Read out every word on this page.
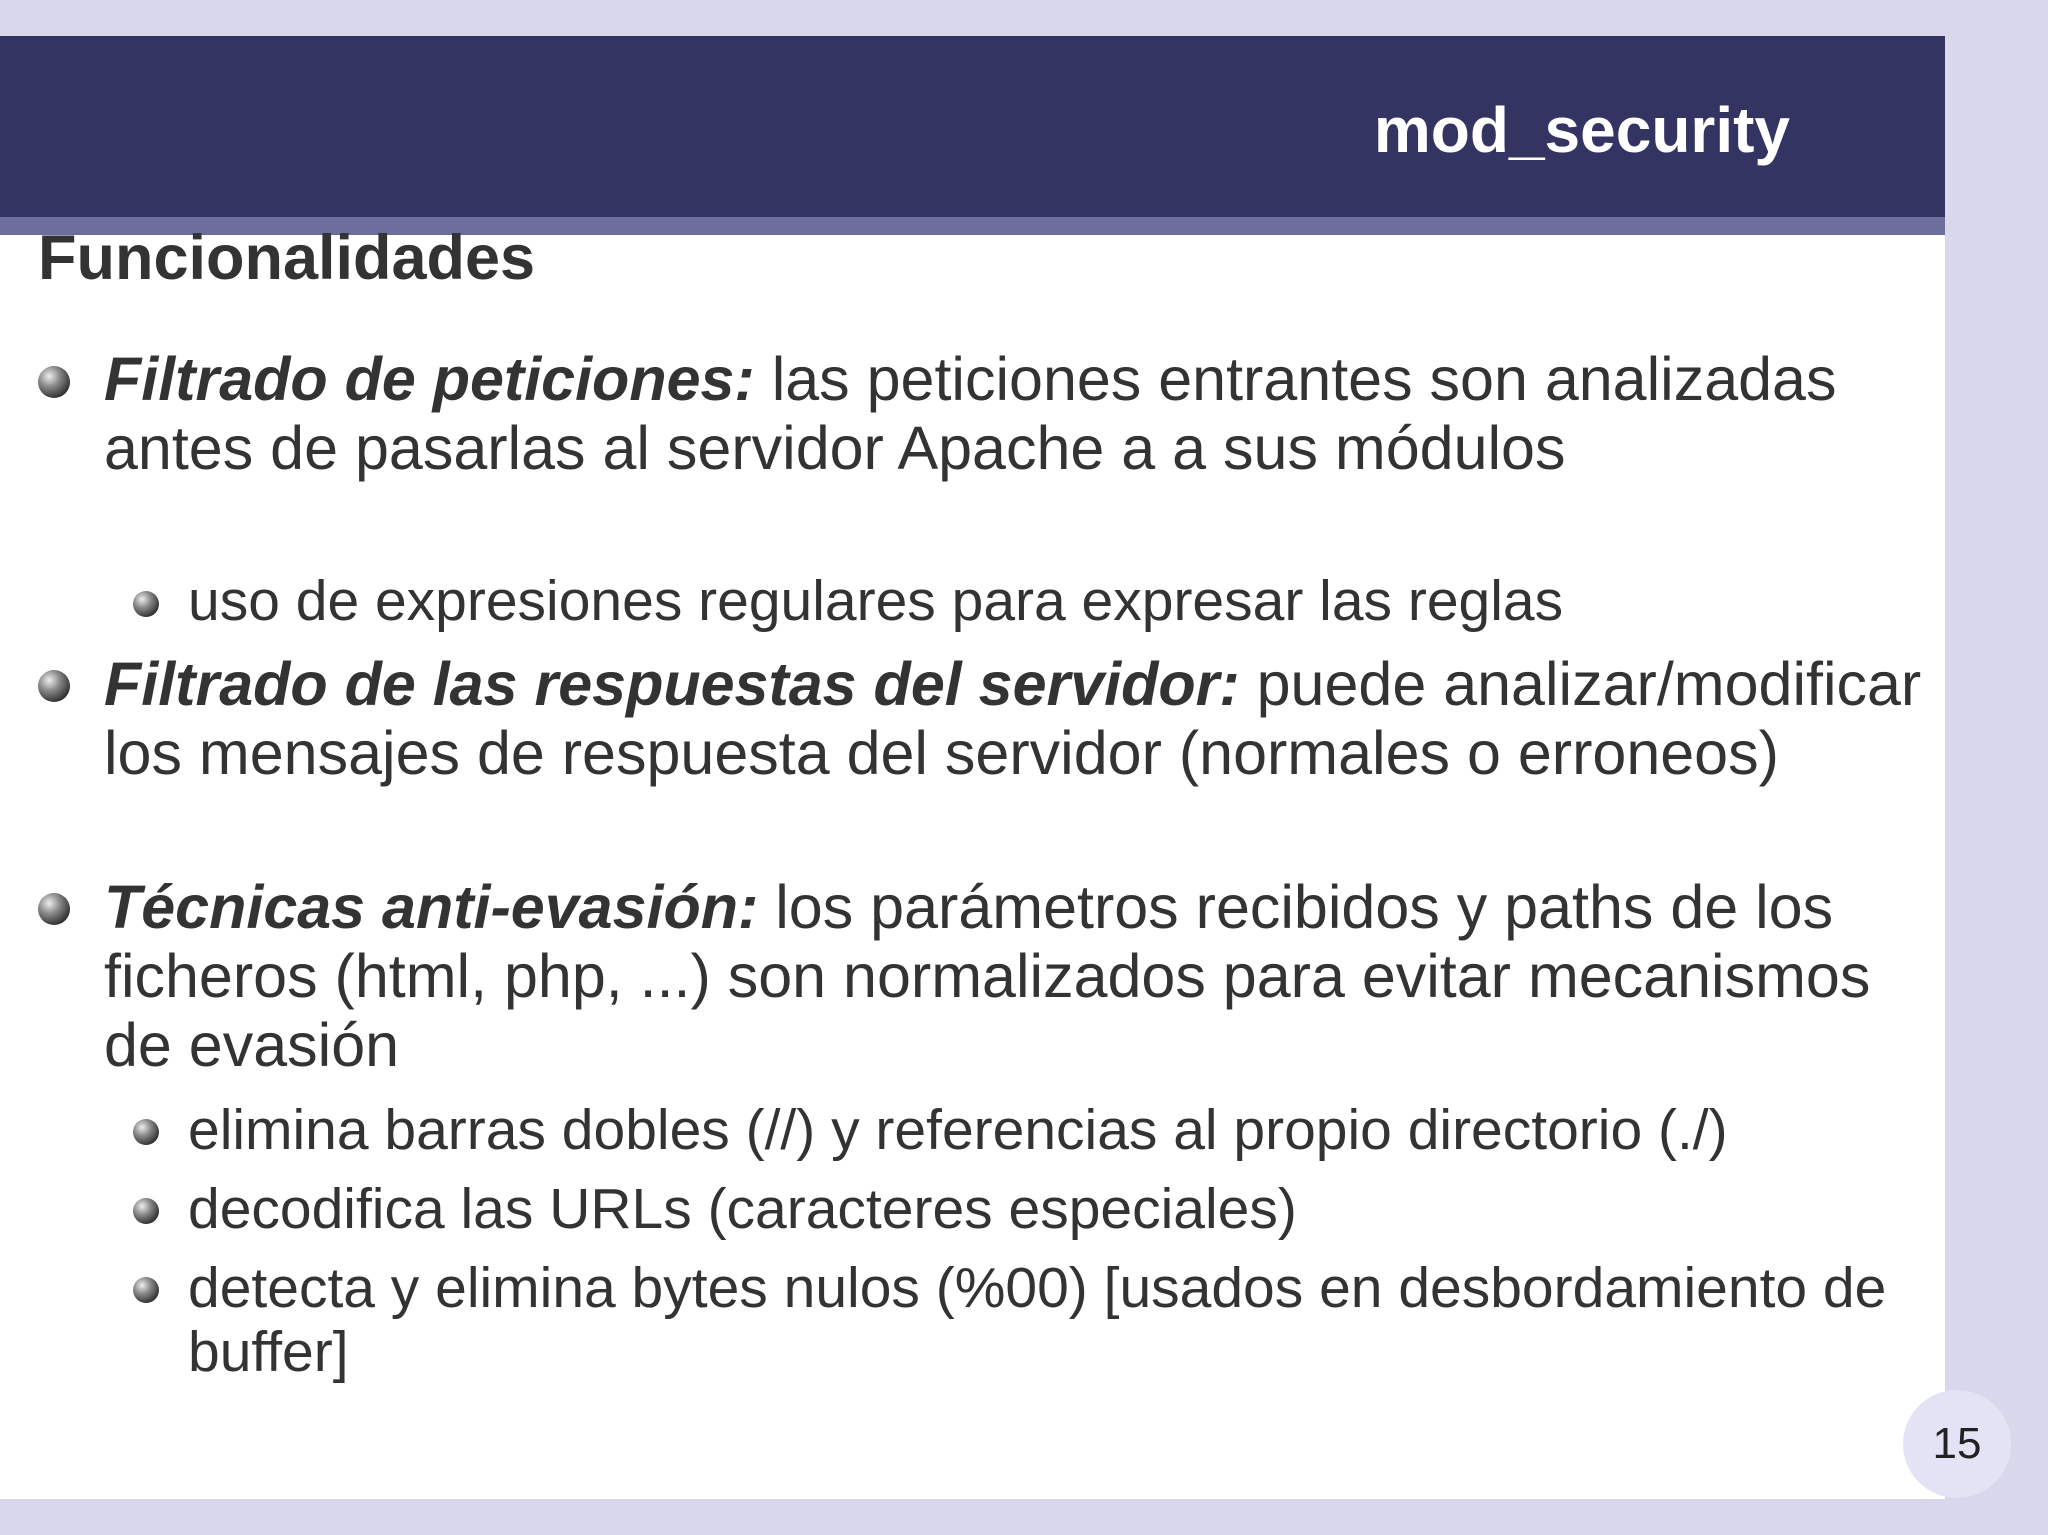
mod_security
Funcionalidades
Filtrado de peticiones: las peticiones entrantes son analizadas antes de pasarlas al servidor Apache a a sus módulos
uso de expresiones regulares para expresar las reglas
Filtrado de las respuestas del servidor: puede analizar/modificar los mensajes de respuesta del servidor (normales o erroneos)
Técnicas anti-evasión: los parámetros recibidos y paths de los ficheros (html, php, ...) son normalizados para evitar mecanismos de evasión
elimina barras dobles (//) y referencias al propio directorio (./)
decodifica las URLs (caracteres especiales)
detecta y elimina bytes nulos (%00) [usados en desbordamiento de buffer]
15
